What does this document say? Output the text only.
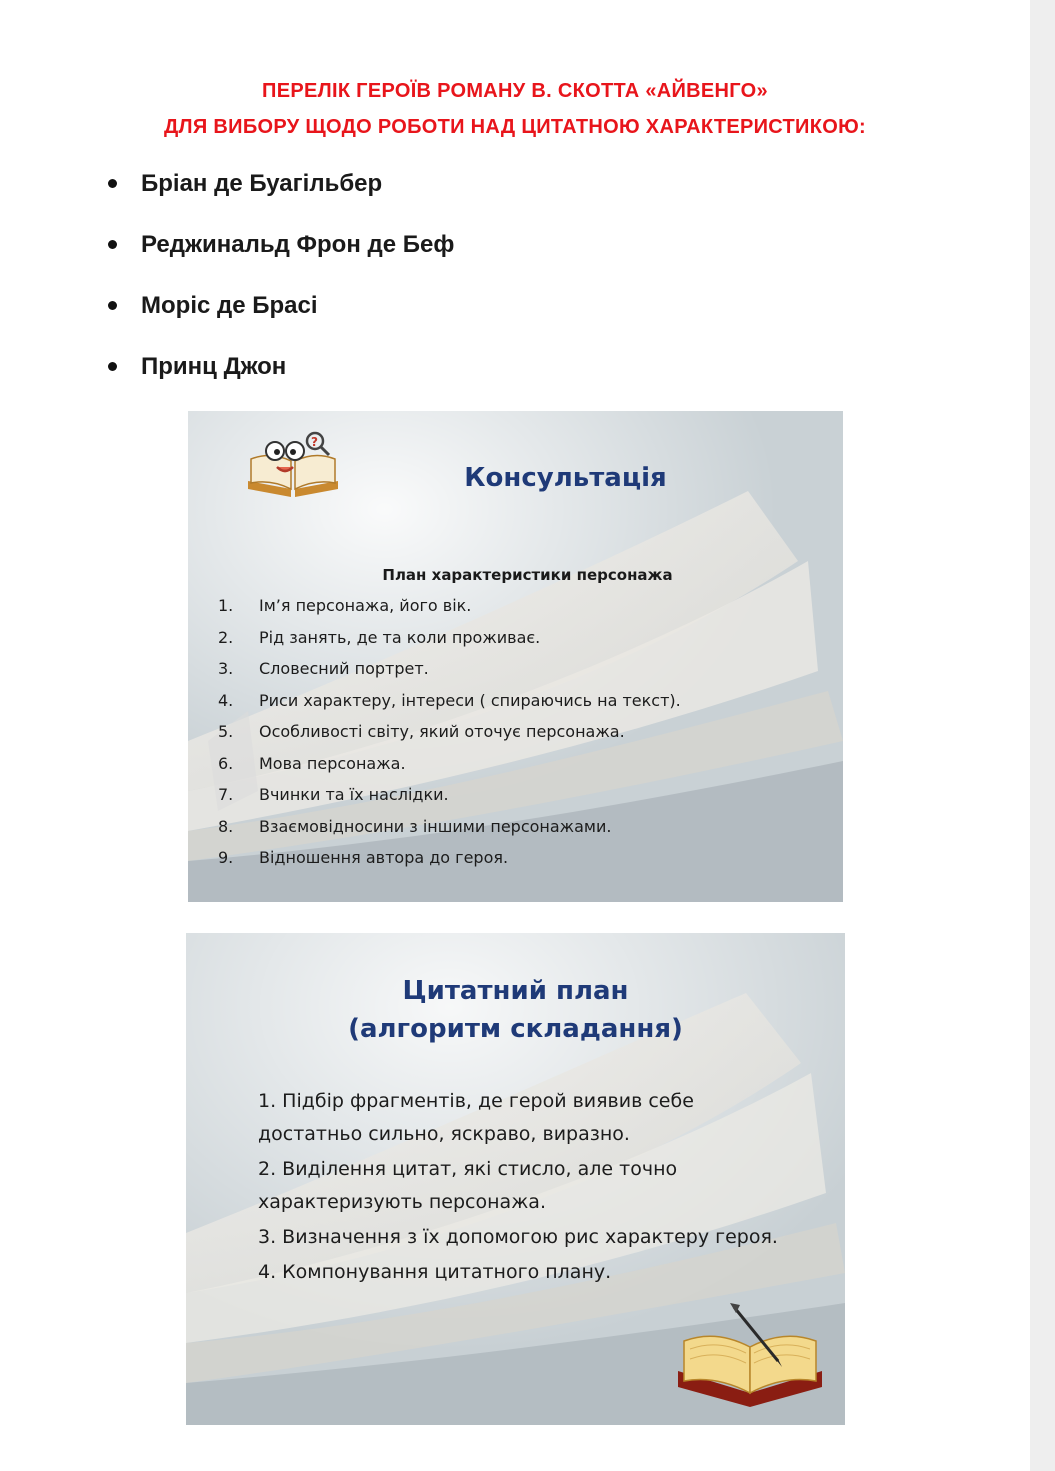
ПЕРЕЛІК ГЕРОЇВ РОМАНУ В. СКОТТА «АЙВЕНГО»

ДЛЯ ВИБОРУ ЩОДО РОБОТИ НАД ЦИТАТНОЮ ХАРАКТЕРИСТИКОЮ:

Бріан де Буагільбер
Реджинальд Фрон де Беф
Моріс де Брасі
Принц Джон
?
Консультація
План характеристики персонажа
1.	Ім’я персонажа, його вік.
2.	Рід занять, де та коли проживає.
3.	Словесний портрет.
4.	Риси характеру, інтереси ( спираючись на текст).
5.	Особливості світу, який оточує персонажа.
6.	Мова персонажа.
7.	Вчинки та їх наслідки.
8.	Взаємовідносини з іншими персонажами.
9.	Відношення автора до героя.
Цитатний план
(алгоритм складання)
1. Підбір фрагментів, де герой виявив себе достатньо сильно, яскраво, виразно.
2. Виділення цитат, які стисло, але точно характеризують персонажа.
3. Визначення з їх допомогою рис характеру героя.
4. Компонування цитатного плану.
